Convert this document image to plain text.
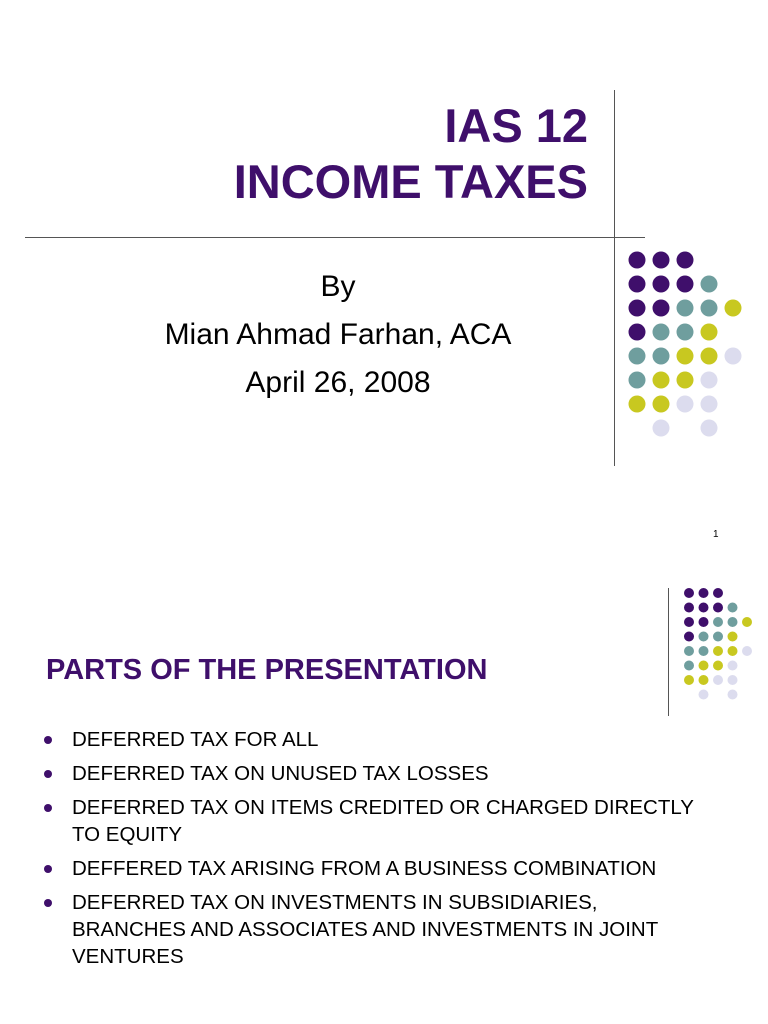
IAS 12
INCOME TAXES
By
Mian Ahmad Farhan, ACA
April 26, 2008
1
PARTS OF THE PRESENTATION
DEFERRED TAX FOR ALL
DEFERRED TAX ON UNUSED TAX LOSSES
DEFERRED TAX ON ITEMS CREDITED OR CHARGED DIRECTLY TO EQUITY
DEFFERED TAX ARISING FROM A BUSINESS COMBINATION
DEFERRED TAX ON INVESTMENTS IN SUBSIDIARIES, BRANCHES AND ASSOCIATES AND INVESTMENTS IN JOINT VENTURES
